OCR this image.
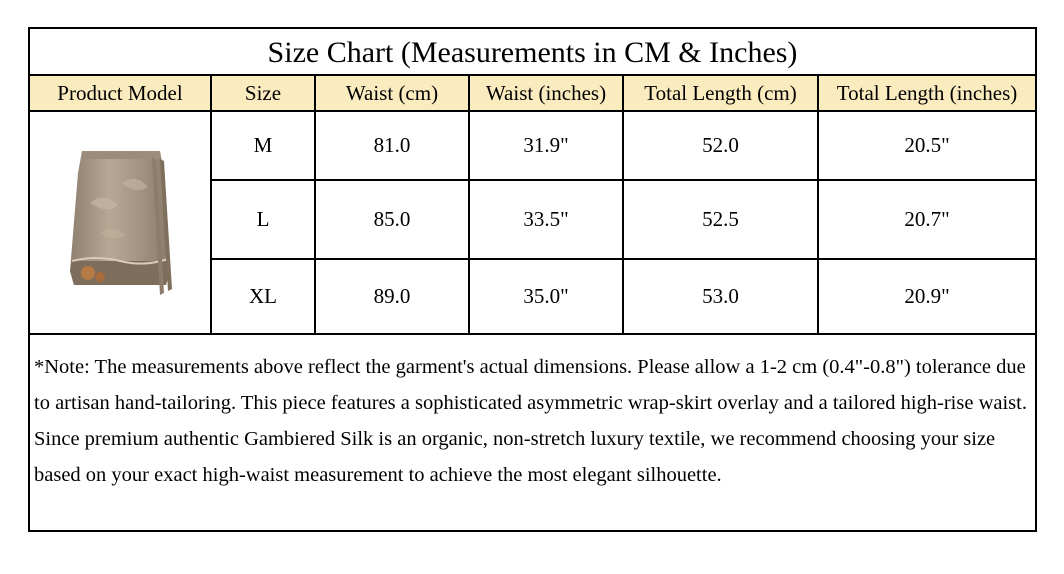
Size Chart (Measurements in CM & Inches)
Product Model	Size	Waist (cm)	Waist (inches)	Total Length (cm)	Total Length (inches)

	M	81.0	31.9"	52.0	20.5"
	L	85.0	33.5"	52.5	20.7"
	XL	89.0	35.0"	53.0	20.9"
*Note: The measurements above reflect the garment's actual dimensions. Please allow a 1-2 cm (0.4"-0.8") tolerance due to artisan hand-tailoring. This piece features a sophisticated asymmetric wrap-skirt overlay and a tailored high-rise waist. Since premium authentic Gambiered Silk is an organic, non-stretch luxury textile, we recommend choosing your size based on your exact high-waist measurement to achieve the most elegant silhouette.
